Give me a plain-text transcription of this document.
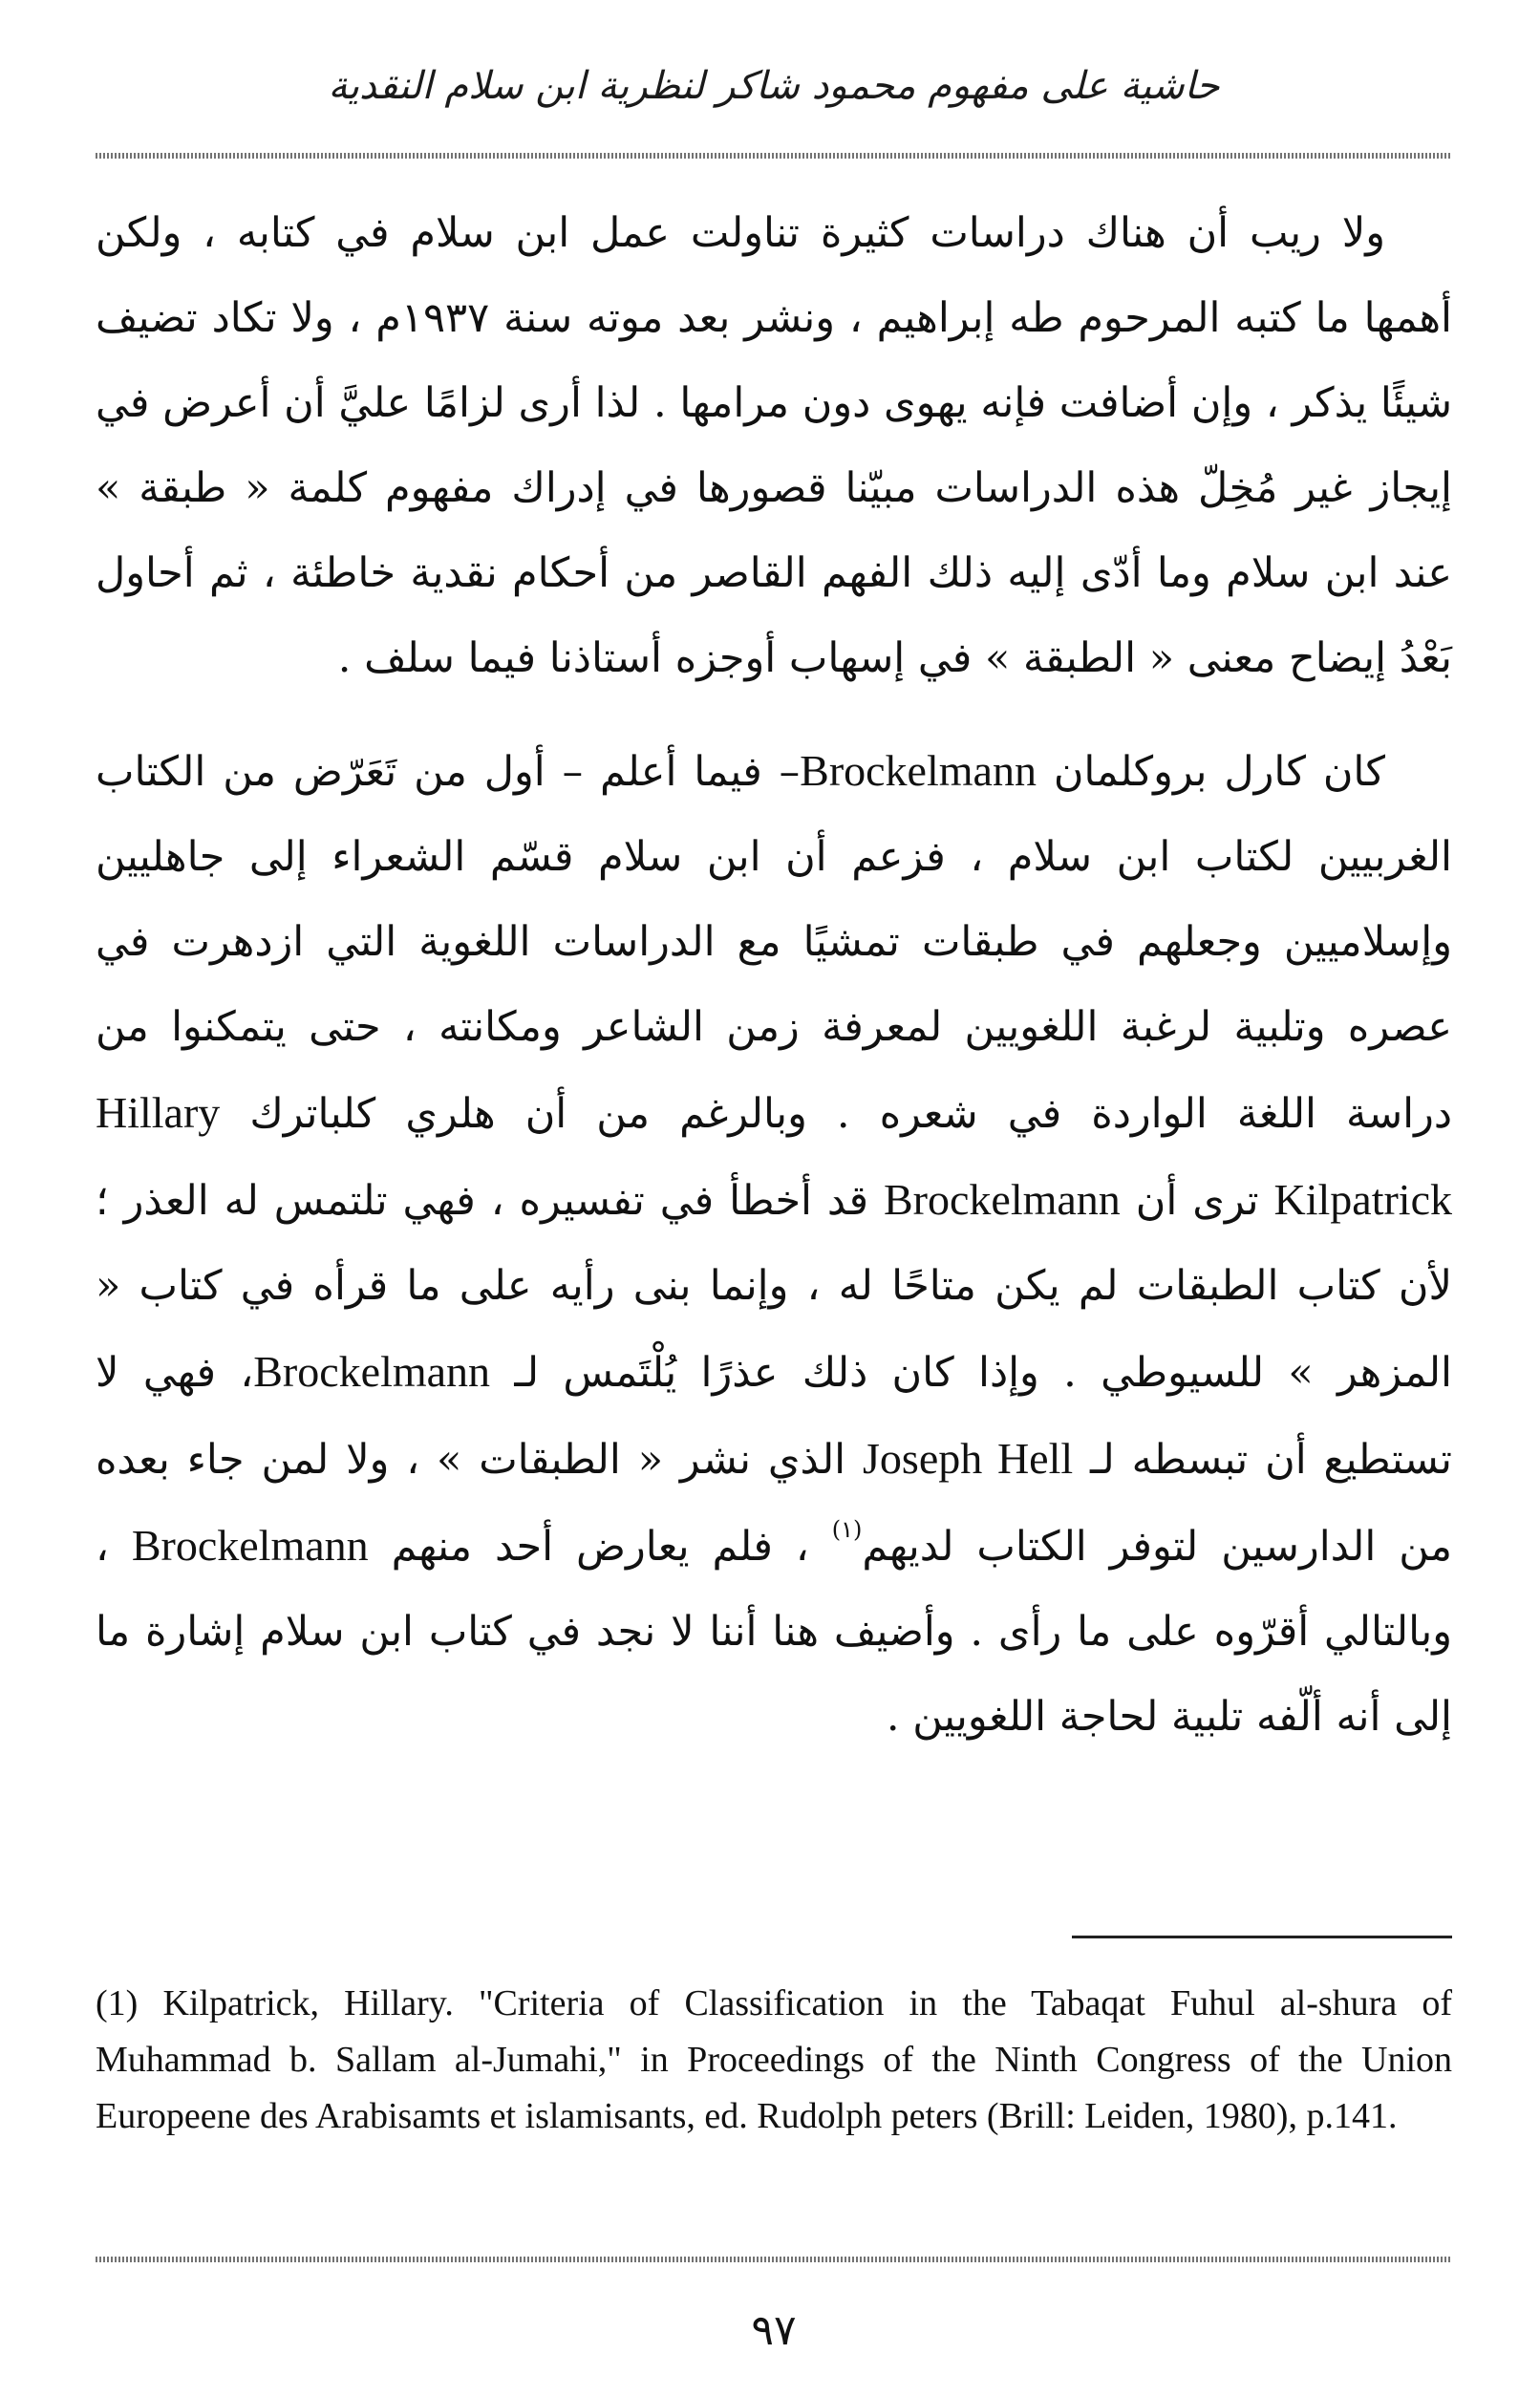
حاشية على مفهوم محمود شاكر لنظرية ابن سلام النقدية

ولا ريب أن هناك دراسات كثيرة تناولت عمل ابن سلام في كتابه ، ولكن أهمها ما كتبه المرحوم طه إبراهيم ، ونشر بعد موته سنة ١٩٣٧م ، ولا تكاد تضيف شيئًا يذكر ، وإن أضافت فإنه يهوى دون مرامها . لذا أرى لزامًا عليَّ أن أعرض في إيجاز غير مُخِلّ هذه الدراسات مبيّنا قصورها في إدراك مفهوم كلمة « طبقة » عند ابن سلام وما أدّى إليه ذلك الفهم القاصر من أحكام نقدية خاطئة ، ثم أحاول بَعْدُ إيضاح معنى « الطبقة » في إسهاب أوجزه أستاذنا فيما سلف .

كان كارل بروكلمان Brockelmann– فيما أعلم – أول من تَعَرّض من الكتاب الغربيين لكتاب ابن سلام ، فزعم أن ابن سلام قسّم الشعراء إلى جاهليين وإسلاميين وجعلهم في طبقات تمشيًا مع الدراسات اللغوية التي ازدهرت في عصره وتلبية لرغبة اللغويين لمعرفة زمن الشاعر ومكانته ، حتى يتمكنوا من دراسة اللغة الواردة في شعره . وبالرغم من أن هلري كلباترك Hillary Kilpatrick ترى أن Brockelmann قد أخطأ في تفسيره ، فهي تلتمس له العذر ؛ لأن كتاب الطبقات لم يكن متاحًا له ، وإنما بنى رأيه على ما قرأه في كتاب « المزهر » للسيوطي . وإذا كان ذلك عذرًا يُلْتَمس لـ Brockelmann، فهي لا تستطيع أن تبسطه لـ Joseph Hell الذي نشر « الطبقات » ، ولا لمن جاء بعده من الدارسين لتوفر الكتاب لديهم$^{(١)}$ ، فلم يعارض أحد منهم Brockelmann ، وبالتالي أقرّوه على ما رأى . وأضيف هنا أننا لا نجد في كتاب ابن سلام إشارة ما إلى أنه ألّفه تلبية لحاجة اللغويين .

(1) Kilpatrick, Hillary. "Criteria of Classification in the Tabaqat Fuhul al-shura of Muhammad b. Sallam al-Jumahi," in Proceedings of the Ninth Congress of the Union Europeene des Arabisamts et islamisants, ed. Rudolph peters (Brill: Leiden, 1980), p.141.
٩٧
